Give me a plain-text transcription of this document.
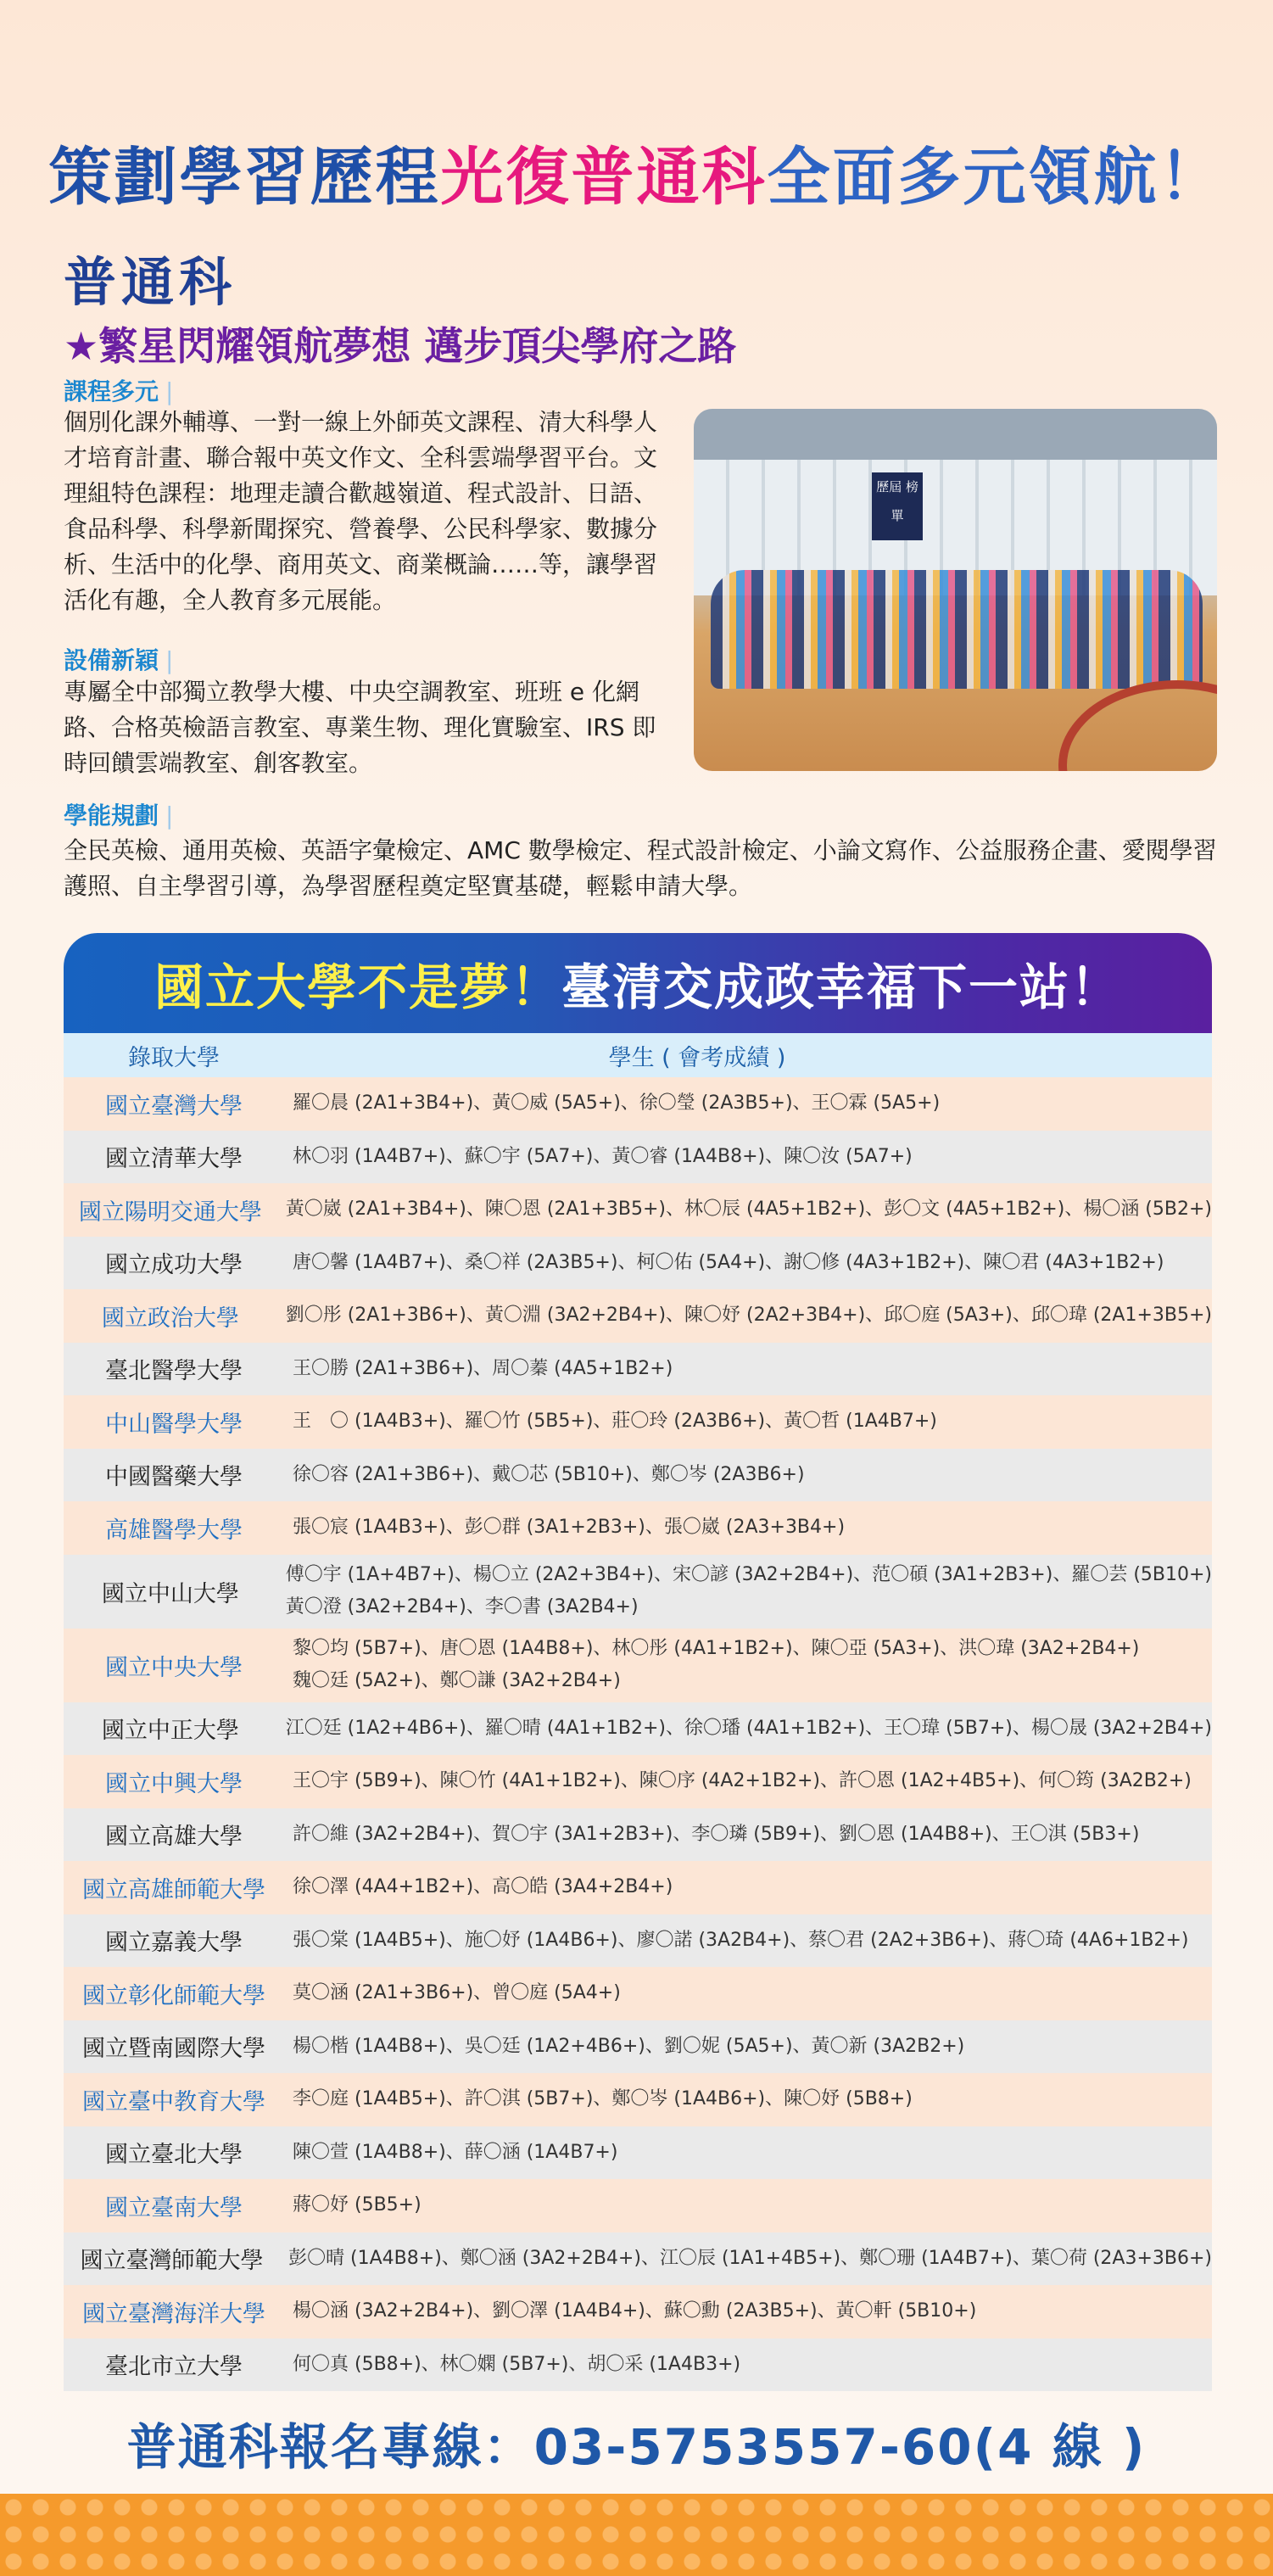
策劃學習歷程光復普通科全面多元領航！
普通科
★繁星閃耀領航夢想 邁步頂尖學府之路
課程多元 |
個別化課外輔導、一對一線上外師英文課程、清大科學人才培育計畫、聯合報中英文作文、全科雲端學習平台。文理組特色課程：地理走讀合歡越嶺道、程式設計、日語、食品科學、科學新聞探究、營養學、公民科學家、數據分析、生活中的化學、商用英文、商業概論……等，讓學習活化有趣，全人教育多元展能。
歷屆 榜單
設備新穎 |
專屬全中部獨立教學大樓、中央空調教室、班班 e 化網路、合格英檢語言教室、專業生物、理化實驗室、IRS 即時回饋雲端教室、創客教室。
學能規劃 |
全民英檢、通用英檢、英語字彙檢定、AMC 數學檢定、程式設計檢定、小論文寫作、公益服務企畫、愛閱學習護照、自主學習引導，為學習歷程奠定堅實基礎，輕鬆申請大學。
國立大學不是夢！ 臺清交成政幸福下一站！
錄取大學	學生 ( 會考成績 )
國立臺灣大學	羅〇晨 (2A1+3B4+)、黃〇威 (5A5+)、徐〇瑩 (2A3B5+)、王〇霖 (5A5+)
國立清華大學	林〇羽 (1A4B7+)、蘇〇宇 (5A7+)、黃〇睿 (1A4B8+)、陳〇汝 (5A7+)
國立陽明交通大學	黃〇崴 (2A1+3B4+)、陳〇恩 (2A1+3B5+)、林〇辰 (4A5+1B2+)、彭〇文 (4A5+1B2+)、楊〇涵 (5B2+)
國立成功大學	唐〇馨 (1A4B7+)、桑〇祥 (2A3B5+)、柯〇佑 (5A4+)、謝〇修 (4A3+1B2+)、陳〇君 (4A3+1B2+)
國立政治大學	劉〇彤 (2A1+3B6+)、黃〇淵 (3A2+2B4+)、陳〇妤 (2A2+3B4+)、邱〇庭 (5A3+)、邱〇瑋 (2A1+3B5+)
臺北醫學大學	王〇勝 (2A1+3B6+)、周〇蓁 (4A5+1B2+)
中山醫學大學	王　〇 (1A4B3+)、羅〇竹 (5B5+)、莊〇玲 (2A3B6+)、黃〇哲 (1A4B7+)
中國醫藥大學	徐〇容 (2A1+3B6+)、戴〇芯 (5B10+)、鄭〇岑 (2A3B6+)
高雄醫學大學	張〇宸 (1A4B3+)、彭〇群 (3A1+2B3+)、張〇崴 (2A3+3B4+)
國立中山大學
傅〇宇 (1A+4B7+)、楊〇立 (2A2+3B4+)、宋〇諺 (3A2+2B4+)、范〇碩 (3A1+2B3+)、羅〇芸 (5B10+)
黃〇澄 (3A2+2B4+)、李〇書 (3A2B4+)
國立中央大學
黎〇均 (5B7+)、唐〇恩 (1A4B8+)、林〇彤 (4A1+1B2+)、陳〇亞 (5A3+)、洪〇瑋 (3A2+2B4+)
魏〇廷 (5A2+)、鄭〇謙 (3A2+2B4+)
國立中正大學	江〇廷 (1A2+4B6+)、羅〇晴 (4A1+1B2+)、徐〇璠 (4A1+1B2+)、王〇瑋 (5B7+)、楊〇晟 (3A2+2B4+)
國立中興大學	王〇宇 (5B9+)、陳〇竹 (4A1+1B2+)、陳〇序 (4A2+1B2+)、許〇恩 (1A2+4B5+)、何〇筠 (3A2B2+)
國立高雄大學	許〇維 (3A2+2B4+)、賀〇宇 (3A1+2B3+)、李〇璘 (5B9+)、劉〇恩 (1A4B8+)、王〇淇 (5B3+)
國立高雄師範大學	徐〇澤 (4A4+1B2+)、高〇皓 (3A4+2B4+)
國立嘉義大學	張〇棠 (1A4B5+)、施〇妤 (1A4B6+)、廖〇諾 (3A2B4+)、蔡〇君 (2A2+3B6+)、蔣〇琦 (4A6+1B2+)
國立彰化師範大學	莫〇涵 (2A1+3B6+)、曾〇庭 (5A4+)
國立暨南國際大學	楊〇楷 (1A4B8+)、吳〇廷 (1A2+4B6+)、劉〇妮 (5A5+)、黃〇新 (3A2B2+)
國立臺中教育大學	李〇庭 (1A4B5+)、許〇淇 (5B7+)、鄭〇岑 (1A4B6+)、陳〇妤 (5B8+)
國立臺北大學	陳〇萱 (1A4B8+)、薛〇涵 (1A4B7+)
國立臺南大學	蔣〇妤 (5B5+)
國立臺灣師範大學	彭〇晴 (1A4B8+)、鄭〇涵 (3A2+2B4+)、江〇辰 (1A1+4B5+)、鄭〇珊 (1A4B7+)、葉〇荷 (2A3+3B6+)
國立臺灣海洋大學	楊〇涵 (3A2+2B4+)、劉〇澤 (1A4B4+)、蘇〇勳 (2A3B5+)、黃〇軒 (5B10+)
臺北市立大學	何〇真 (5B8+)、林〇嫻 (5B7+)、胡〇采 (1A4B3+)
普通科報名專線：03-5753557-60(4 線 )
